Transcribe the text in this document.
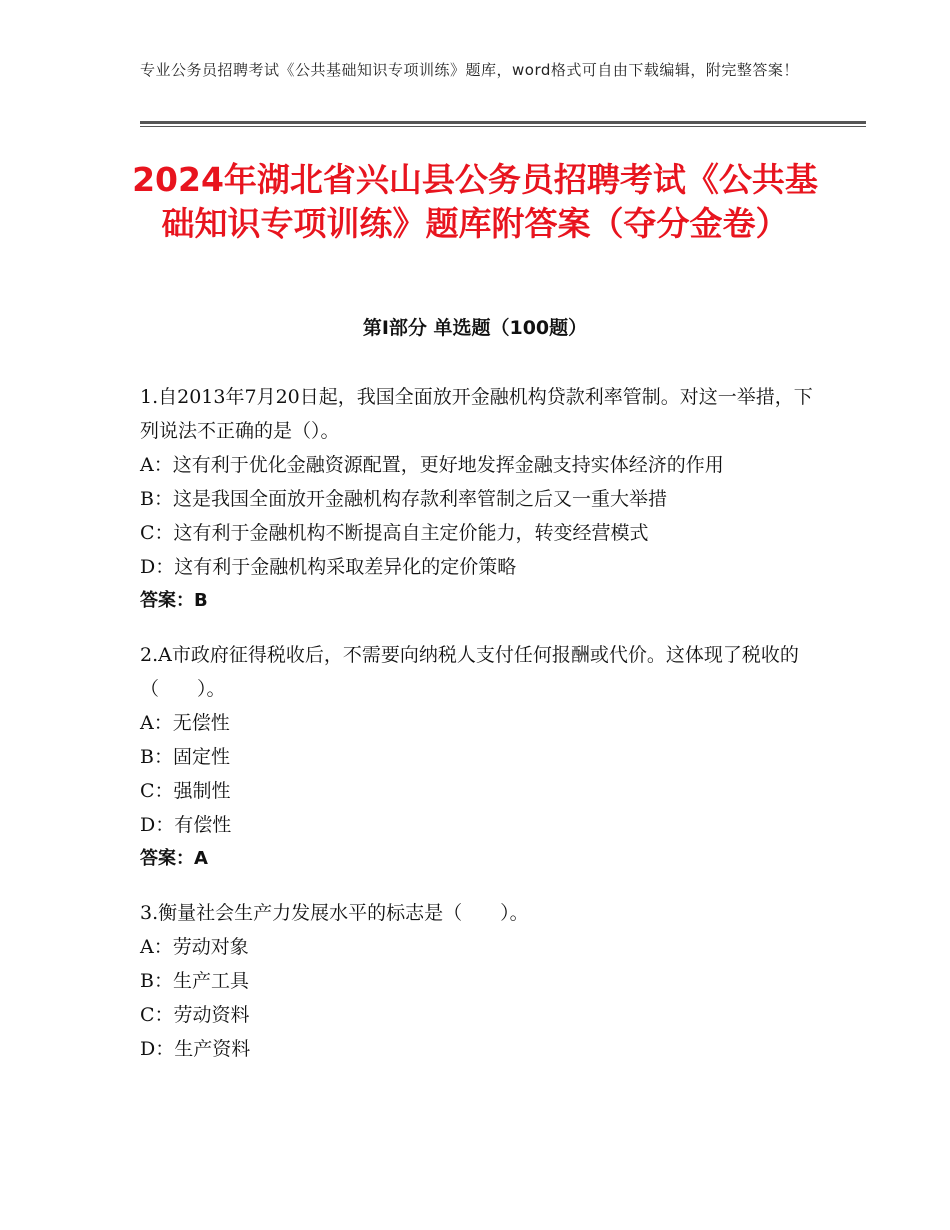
专业公务员招聘考试《公共基础知识专项训练》题库，word格式可自由下载编辑，附完整答案！
2024年湖北省兴山县公务员招聘考试《公共基础知识专项训练》题库附答案（夺分金卷）
第I部分 单选题（100题）

1.自2013年7月20日起，我国全面放开金融机构贷款利率管制。对这一举措，下列说法不正确的是（）。

A：这有利于优化金融资源配置，更好地发挥金融支持实体经济的作用

B：这是我国全面放开金融机构存款利率管制之后又一重大举措

C：这有利于金融机构不断提高自主定价能力，转变经营模式

D：这有利于金融机构采取差异化的定价策略

答案：B

2.A市政府征得税收后，不需要向纳税人支付任何报酬或代价。这体现了税收的（　　）。

A：无偿性

B：固定性

C：强制性

D：有偿性

答案：A

3.衡量社会生产力发展水平的标志是（　　）。

A：劳动对象

B：生产工具

C：劳动资料

D：生产资料
